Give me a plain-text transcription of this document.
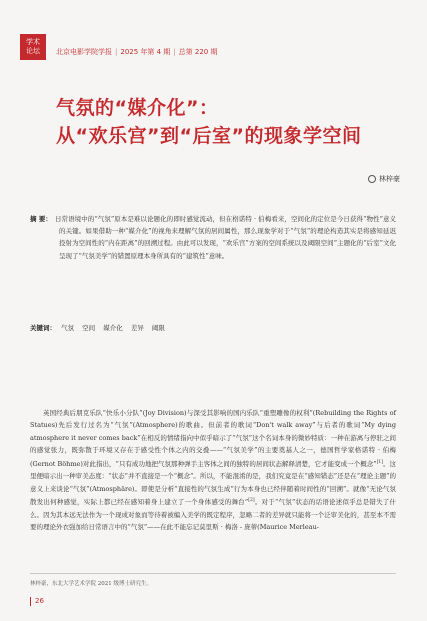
学术
论坛	北京电影学院学报 | 2025 年第 4 期 | 总第 220 期
气氛的“媒介化”：
从“欢乐宫”到“后室”的现象学空间
林梓豪
摘 要： 日常语境中的“气氛”原本是难以论题化的即时感觉流动，但在格诺特 · 伯梅看来，空间化的定位是今日获得“物性”意义的关键。如果借助一种“媒介化”的视角来理解气氛的居间属性，那么现象学对于“气氛”的理论构造其实是将感知延迟投射为空间性的“内在距离”的回溯过程。由此可以发现，“欢乐宫”方案的空间系统以及阈限空间”主题化的“后室”文化呈现了“气氛美学”的错置原理本身所具有的“建筑性”意味。
关键词： 气氛 空间 媒介化 差异 阈限
英国经典后朋克乐队“快乐小分队”(Joy Division)与深受其影响的国内乐队“重塑雕像的权利”(Rebuilding the Rights of Statues)先后发行过名为“气氛”(Atmosphere)的歌曲。但前者的歌词“Don't walk away”与后者的歌词“My dying atmosphere it never comes back”在相反的情绪指向中似乎暗示了“气氛”这个名词本身的微妙特质：一种在游离与停驻之间的感觉张力，既弥散于环境又存在于感受性个体之内的交叠——“气氛美学”的主要奠基人之一，德国哲学家格诺特 · 伯梅(Gernot Böhme)对此指出，“只有成功地把气氛那种弹手主客体之间的独特的居间状态解释清楚，它才能变成一个概念”[1]。这里便暗示出一种审美态度：“状态”并不直接是一个“概念”。所以，不能混淆的是，我们究竟是在“感知错态”还是在“理论主题”的意义上来谈论“气氛”(Atmosphäre)。即使是分析“直接性的气氛生成”行为本身也已经伴随着时间性的“回溯”。就像“无论气氛散发出何种感觉，实际上都已经在感知着身上建立了一个身体感受的舞台”[2]。对于“气氛”状态的话语论述似乎总是错失了什么。因为其本远无法作为一个现成对象而等待着被编入美学的既定程序，忽略二者的差异就只能将一个泛审美化的，甚至本不需要的理论外衣强加给日常语言中的“气氛”——在此不能忘记莫里斯 · 梅洛 - 庞蒂(Maurice Merleau-
林梓豪，东北大学艺术学院 2021 级博士研究生。
26
